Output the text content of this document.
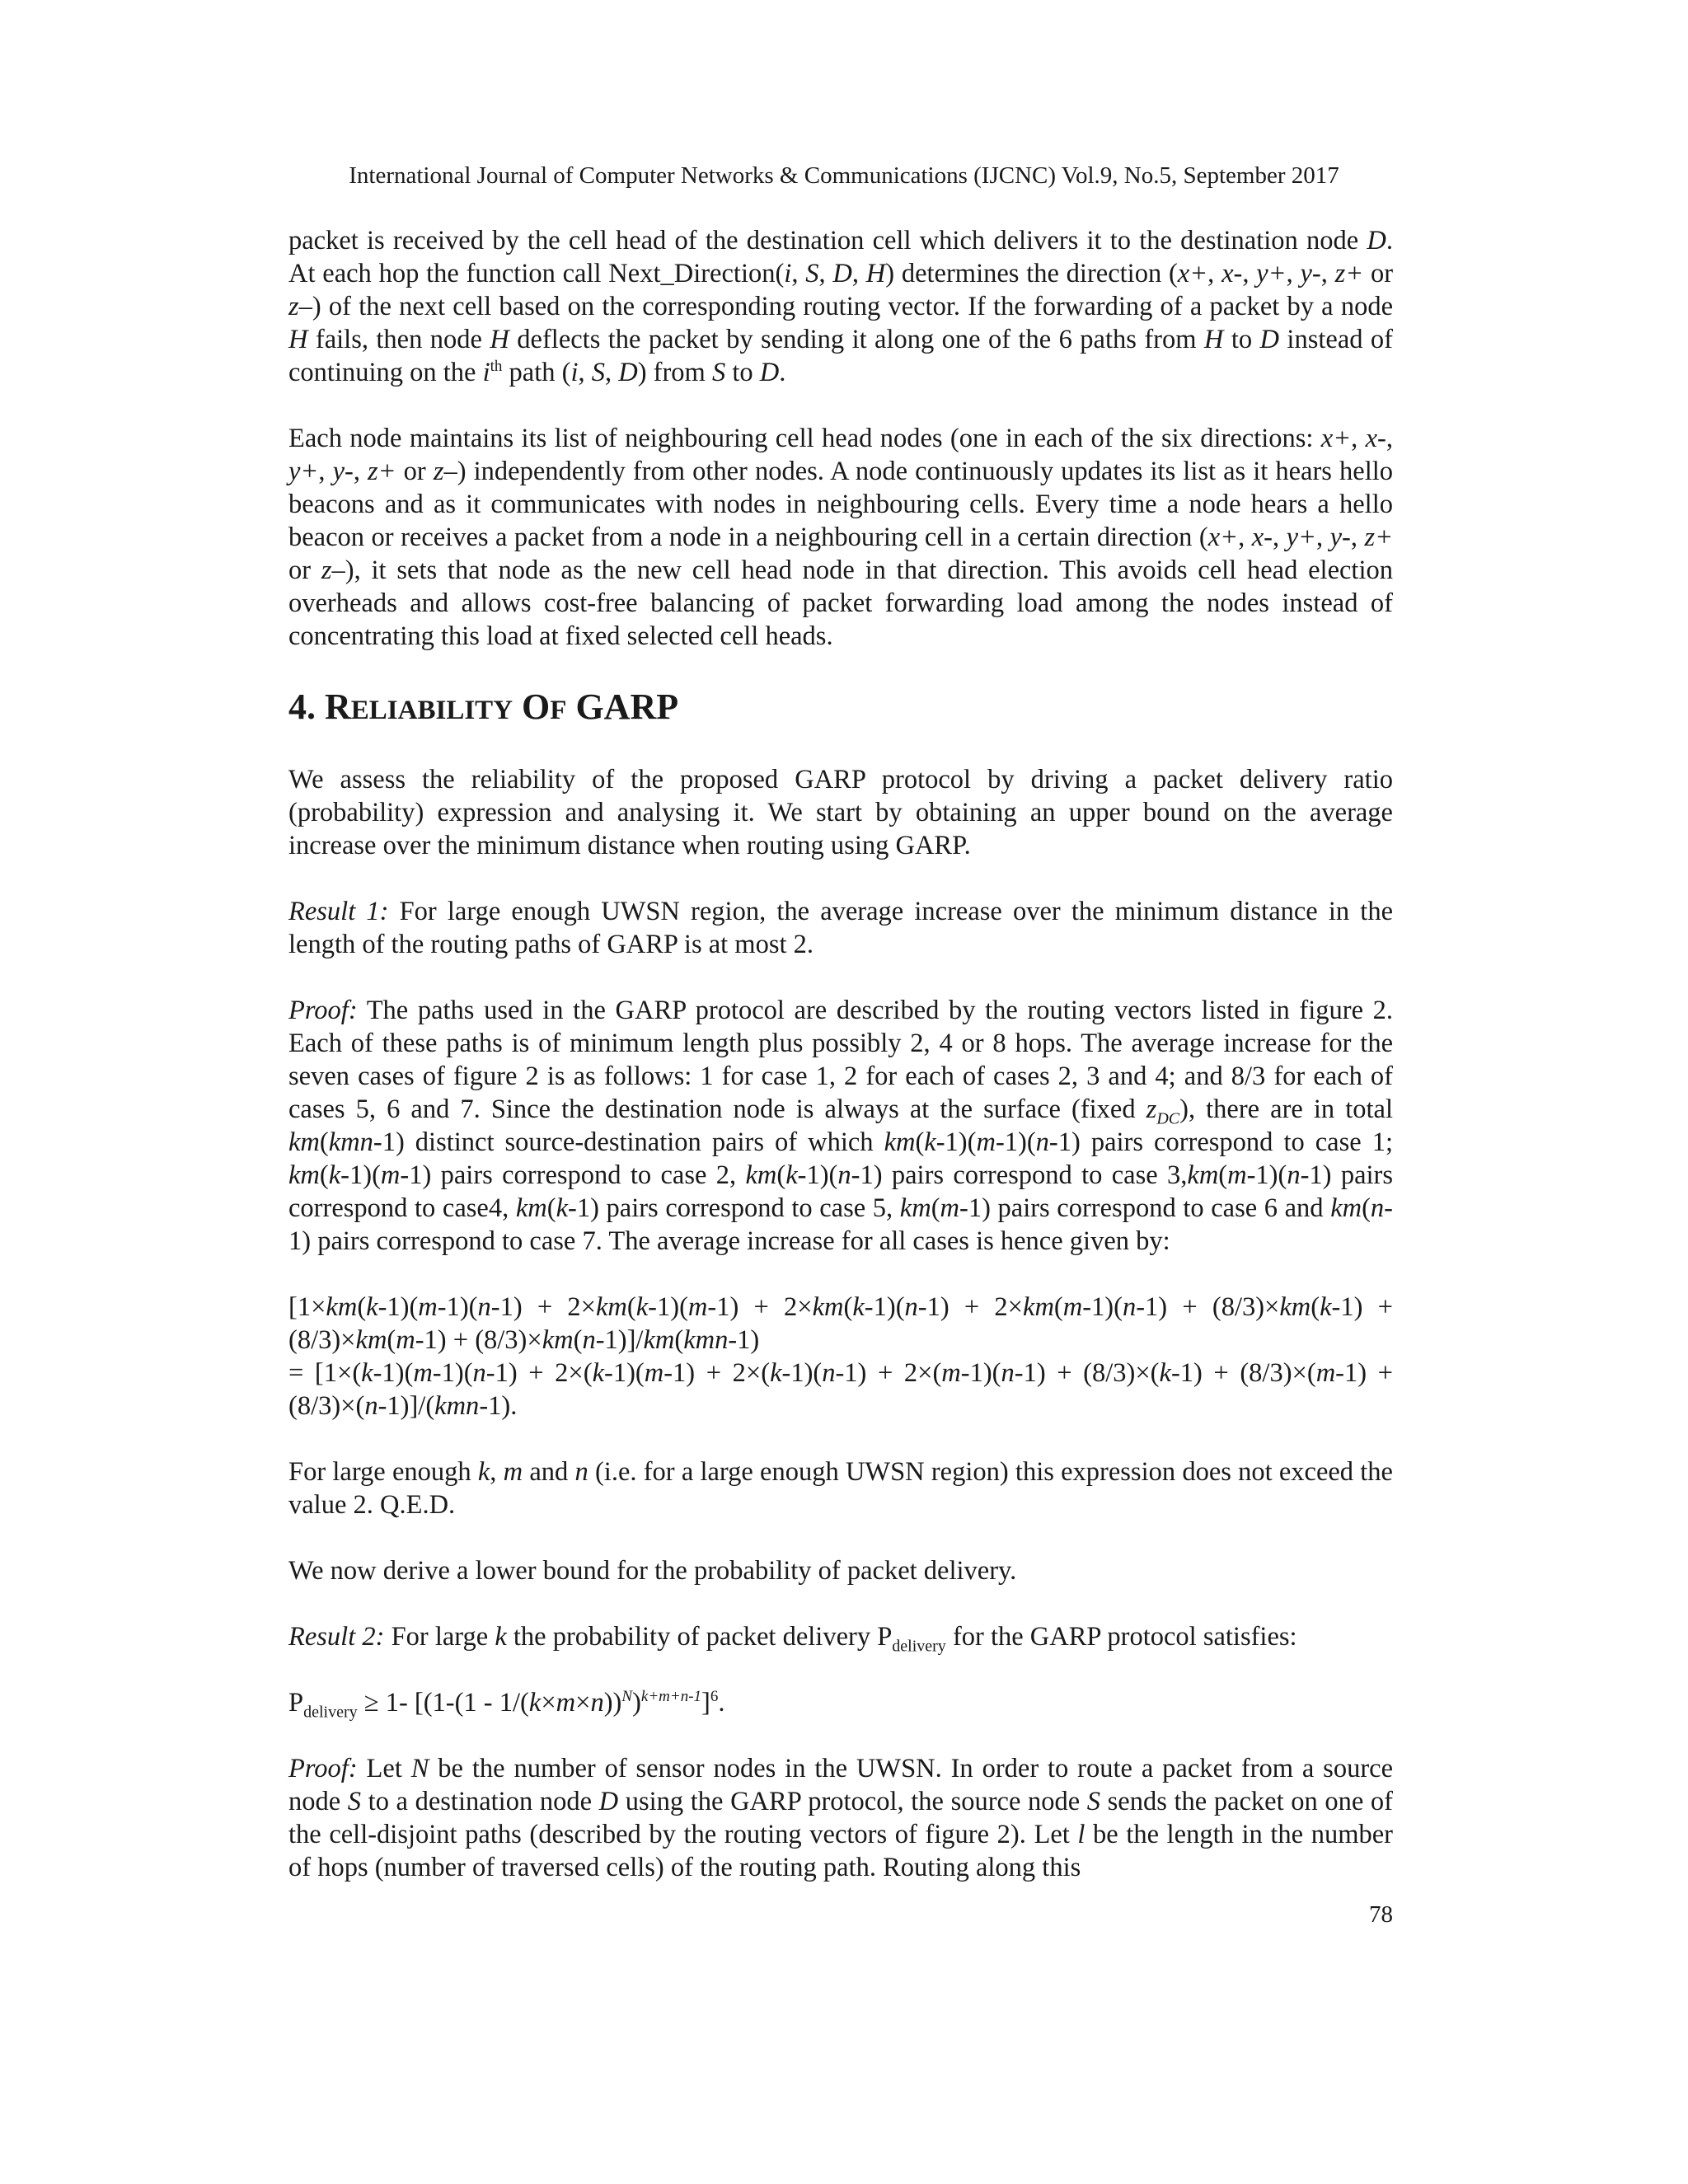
International Journal of Computer Networks & Communications (IJCNC) Vol.9, No.5, September 2017

packet is received by the cell head of the destination cell which delivers it to the destination node D. At each hop the function call Next_Direction(i, S, D, H) determines the direction (x+, x-, y+, y-, z+ or z–) of the next cell based on the corresponding routing vector. If the forwarding of a packet by a node H fails, then node H deflects the packet by sending it along one of the 6 paths from H to D instead of continuing on the $i^{th}$ path (i, S, D) from S to D.

Each node maintains its list of neighbouring cell head nodes (one in each of the six directions: x+, x-, y+, y-, z+ or z–) independently from other nodes. A node continuously updates its list as it hears hello beacons and as it communicates with nodes in neighbouring cells. Every time a node hears a hello beacon or receives a packet from a node in a neighbouring cell in a certain direction (x+, x-, y+, y-, z+ or z–), it sets that node as the new cell head node in that direction. This avoids cell head election overheads and allows cost-free balancing of packet forwarding load among the nodes instead of concentrating this load at fixed selected cell heads.

4. RELIABILITY OF GARP

We assess the reliability of the proposed GARP protocol by driving a packet delivery ratio (probability) expression and analysing it. We start by obtaining an upper bound on the average increase over the minimum distance when routing using GARP.

Result 1: For large enough UWSN region, the average increase over the minimum distance in the length of the routing paths of GARP is at most 2.

Proof: The paths used in the GARP protocol are described by the routing vectors listed in figure 2. Each of these paths is of minimum length plus possibly 2, 4 or 8 hops. The average increase for the seven cases of figure 2 is as follows: 1 for case 1, 2 for each of cases 2, 3 and 4; and 8/3 for each of cases 5, 6 and 7. Since the destination node is always at the surface (fixed $z_{DC}$), there are in total km(kmn-1) distinct source-destination pairs of which km(k-1)(m-1)(n-1) pairs correspond to case 1; km(k-1)(m-1) pairs correspond to case 2, km(k-1)(n-1) pairs correspond to case 3,km(m-1)(n-1) pairs correspond to case4, km(k-1) pairs correspond to case 5, km(m-1) pairs correspond to case 6 and km(n-1) pairs correspond to case 7. The average increase for all cases is hence given by:

[1×km(k-1)(m-1)(n-1) + 2×km(k-1)(m-1) + 2×km(k-1)(n-1) + 2×km(m-1)(n-1) + (8/3)×km(k-1) + (8/3)×km(m-1) + (8/3)×km(n-1)]/km(kmn-1)

= [1×(k-1)(m-1)(n-1) + 2×(k-1)(m-1) + 2×(k-1)(n-1) + 2×(m-1)(n-1) + (8/3)×(k-1) + (8/3)×(m-1) + (8/3)×(n-1)]/(kmn-1).

For large enough k, m and n (i.e. for a large enough UWSN region) this expression does not exceed the value 2. Q.E.D.

We now derive a lower bound for the probability of packet delivery.

Result 2: For large k the probability of packet delivery $P_{delivery}$ for the GARP protocol satisfies:

$P_{delivery} \ge 1-$ $[(1-(1 - 1/(k\times m\times n))^N)^{k+m+n-1}]^6$.

Proof: Let N be the number of sensor nodes in the UWSN. In order to route a packet from a source node S to a destination node D using the GARP protocol, the source node S sends the packet on one of the cell-disjoint paths (described by the routing vectors of figure 2). Let l be the length in the number of hops (number of traversed cells) of the routing path. Routing along this

78
